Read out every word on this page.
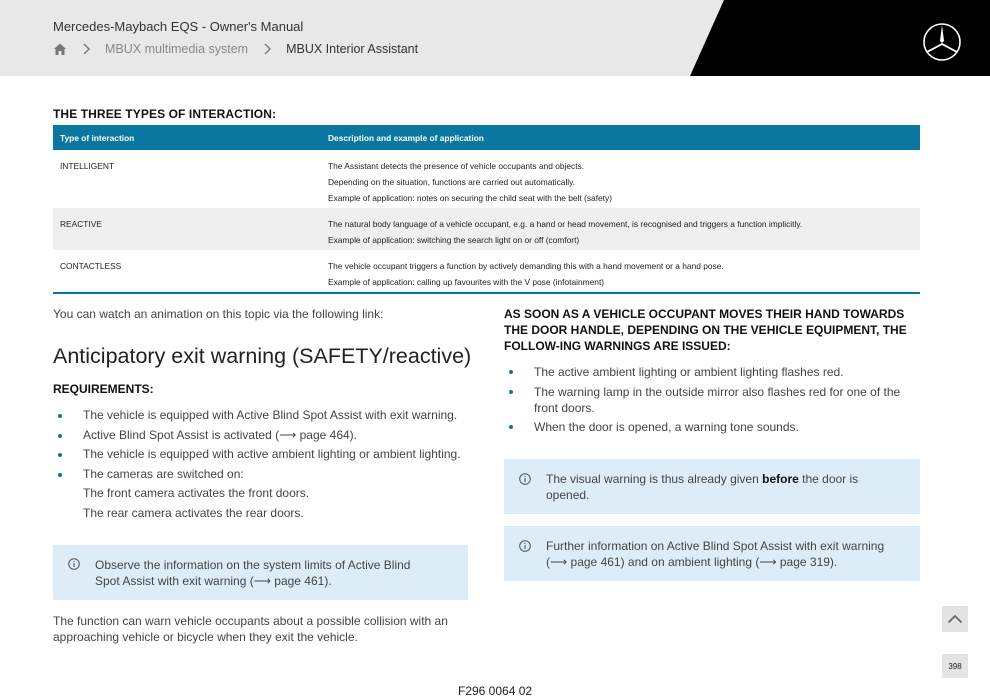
Mercedes-Maybach EQS - Owner's Manual
MBUX multimedia system	MBUX Interior Assistant
THE THREE TYPES OF INTERACTION:
Type of interaction	Description and example of application

INTELLIGENT	The Assistant detects the presence of vehicle occupants and objects.

Depending on the situation, functions are carried out automatically.

Example of application: notes on securing the child seat with the belt (safety)

REACTIVE	The natural body language of a vehicle occupant, e.g. a hand or head movement, is recognised and triggers a function implicitly.

Example of application: switching the search light on or off (comfort)

CONTACTLESS	The vehicle occupant triggers a function by actively demanding this with a hand movement or a hand pose.

Example of application: calling up favourites with the V pose (infotainment)

You can watch an animation on this topic via the following link:

Anticipatory exit warning (SAFETY/reactive)

REQUIREMENTS:

The vehicle is equipped with Active Blind Spot Assist with exit warning.
Active Blind Spot Assist is activated (⟶ page 464).
The vehicle is equipped with active ambient lighting or ambient lighting.
The cameras are switched on:
The front camera activates the front doors.
The rear camera activates the rear doors.
Observe the information on the system limits of Active Blind Spot Assist with exit warning (⟶ page 461).

The function can warn vehicle occupants about a possible collision with an approaching vehicle or bicycle when they exit the vehicle.

AS SOON AS A VEHICLE OCCUPANT MOVES THEIR HAND TOWARDS THE DOOR HANDLE, DEPENDING ON THE VEHICLE EQUIPMENT, THE FOLLOW-ING WARNINGS ARE ISSUED:

The active ambient lighting or ambient lighting flashes red.
The warning lamp in the outside mirror also flashes red for one of the front doors.
When the door is opened, a warning tone sounds.
The visual warning is thus already given before the door is opened.
Further information on Active Blind Spot Assist with exit warning (⟶ page 461) and on ambient lighting (⟶ page 319).
398
F296 0064 02
